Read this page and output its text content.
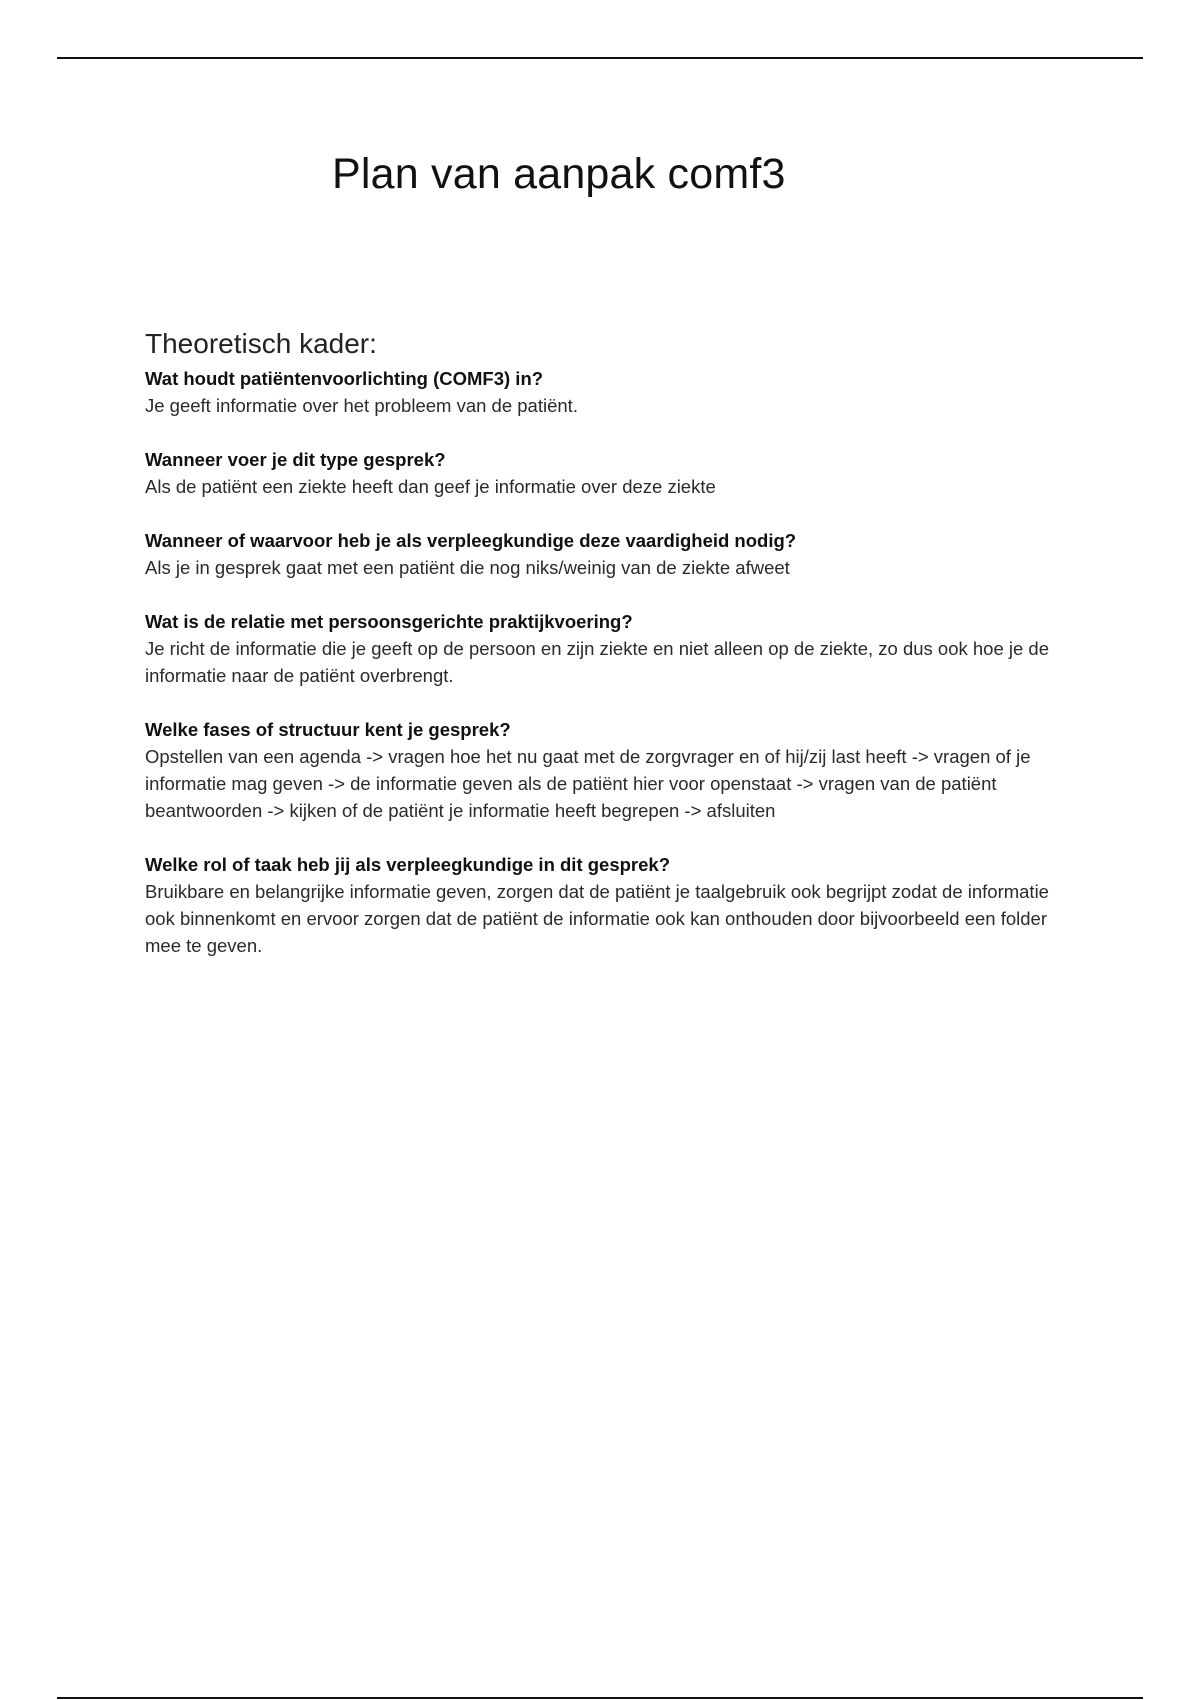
Plan van aanpak comf3
Theoretisch kader:

Wat houdt patiëntenvoorlichting (COMF3) in?

Je geeft informatie over het probleem van de patiënt.

Wanneer voer je dit type gesprek?

Als de patiënt een ziekte heeft dan geef je informatie over deze ziekte

Wanneer of waarvoor heb je als verpleegkundige deze vaardigheid nodig?

Als je in gesprek gaat met een patiënt die nog niks/weinig van de ziekte afweet

Wat is de relatie met persoonsgerichte praktijkvoering?

Je richt de informatie die je geeft op de persoon en zijn ziekte en niet alleen op de ziekte, zo dus ook hoe je de informatie naar de patiënt overbrengt.

Welke fases of structuur kent je gesprek?

Opstellen van een agenda -> vragen hoe het nu gaat met de zorgvrager en of hij/zij last heeft -> vragen of je informatie mag geven -> de informatie geven als de patiënt hier voor openstaat -> vragen van de patiënt beantwoorden -> kijken of de patiënt je informatie heeft begrepen -> afsluiten

Welke rol of taak heb jij als verpleegkundige in dit gesprek?

Bruikbare en belangrijke informatie geven, zorgen dat de patiënt je taalgebruik ook begrijpt zodat de informatie ook binnenkomt en ervoor zorgen dat de patiënt de informatie ook kan onthouden door bijvoorbeeld een folder mee te geven.
